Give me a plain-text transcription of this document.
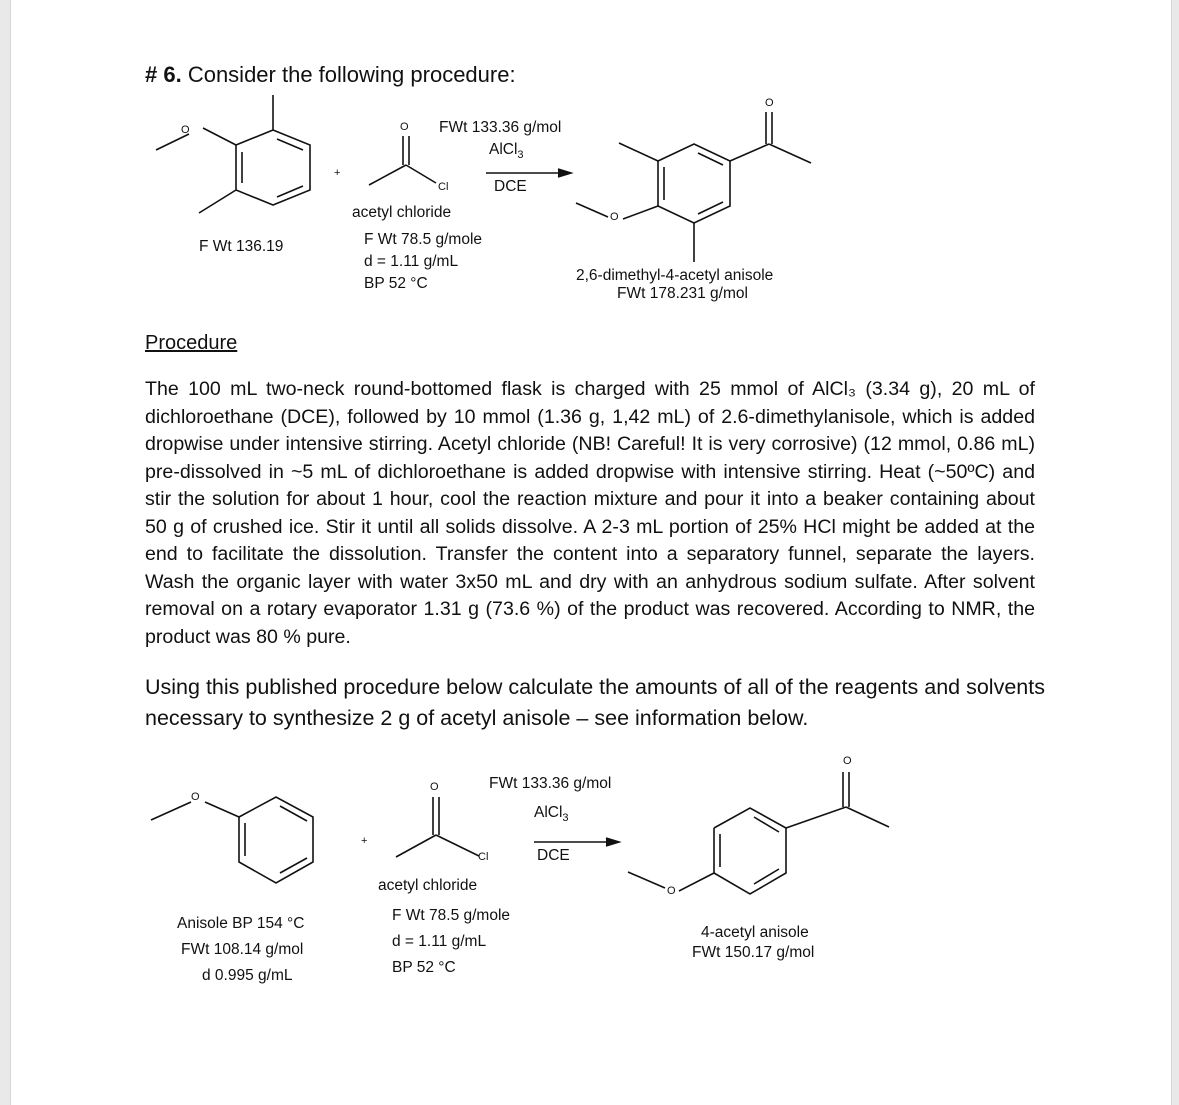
# 6. Consider the following procedure:
O
F Wt 136.19
+
O
Cl
acetyl chloride
F Wt 78.5 g/mole
d = 1.11 g/mL
BP 52 °C
FWt 133.36 g/mol
AlCl$_3$
DCE
O
O
2,6-dimethyl-4-acetyl anisole
FWt 178.231 g/mol
Procedure
The 100 mL two-neck round-bottomed flask is charged with 25 mmol of AlCl₃ (3.34 g), 20 mL of dichloroethane (DCE), followed by 10 mmol (1.36 g, 1,42 mL) of 2.6-dimethylanisole, which is added dropwise under intensive stirring. Acetyl chloride (NB! Careful! It is very corrosive) (12 mmol, 0.86 mL) pre-dissolved in ~5 mL of dichloroethane is added dropwise with intensive stirring. Heat (~50ºC) and stir the solution for about 1 hour, cool the reaction mixture and pour it into a beaker containing about 50 g of crushed ice. Stir it until all solids dissolve. A 2-3 mL portion of 25% HCl might be added at the end to facilitate the dissolution. Transfer the content into a separatory funnel, separate the layers. Wash the organic layer with water 3x50 mL and dry with an anhydrous sodium sulfate. After solvent removal on a rotary evaporator 1.31 g (73.6 %) of the product was recovered. According to NMR, the product was 80 % pure.
Using this published procedure below calculate the amounts of all of the reagents and solvents necessary to synthesize 2 g of acetyl anisole – see information below.
O
+
O
Cl
FWt 133.36 g/mol
AlCl$_3$
DCE
acetyl chloride
F Wt 78.5 g/mole
d = 1.11 g/mL
BP 52 °C
Anisole BP 154 °C
FWt 108.14 g/mol
d 0.995 g/mL
O
O
4-acetyl anisole
FWt 150.17 g/mol
